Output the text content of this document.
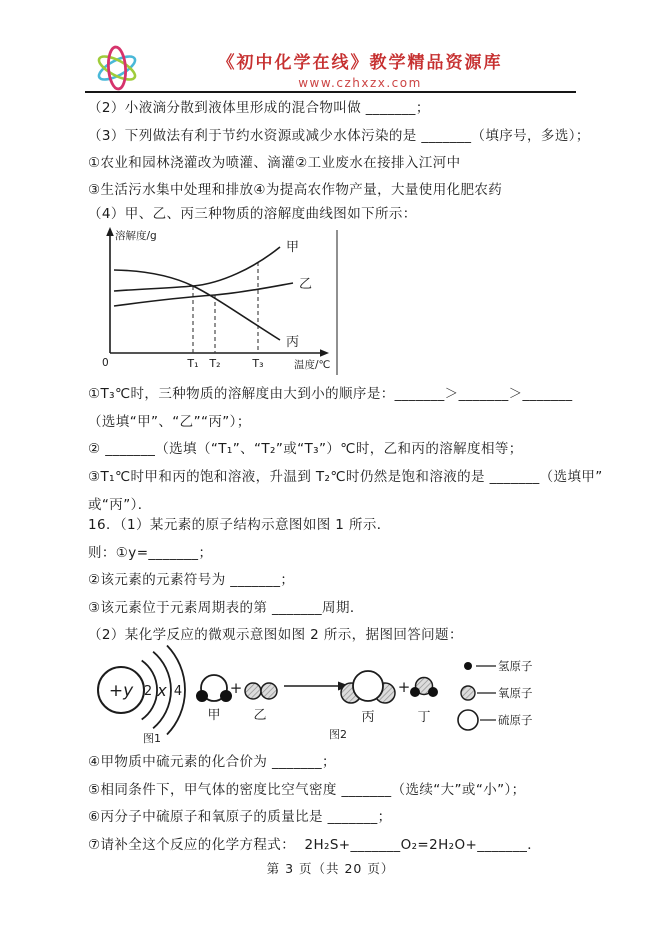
《初中化学在线》教学精品资源库
www.czhxzx.com
（2）小液滴分散到液体里形成的混合物叫做 _______；
（3）下列做法有利于节约水资源或减少水体污染的是 _______（填序号，多选）；
①农业和园林浇灌改为喷灌、滴灌②工业废水在接排入江河中
③生活污水集中处理和排放④为提高农作物产量，大量使用化肥农药
（4）甲、乙、丙三种物质的溶解度曲线图如下所示：
溶解度/g
温度/℃
0
甲
乙
丙
T₁ T₂	T₃
①T₃℃时，三种物质的溶解度由大到小的顺序是：_______＞_______＞_______
（选填“甲”、“乙”“丙”）；
② _______（选填（“T₁”、“T₂”或“T₃”）℃时，乙和丙的溶解度相等；
③T₁℃时甲和丙的饱和溶液，升温到 T₂℃时仍然是饱和溶液的是 _______（选填甲”
或“丙”）．
16．（1）某元素的原子结构示意图如图 1 所示．
则：①y=_______；
②该元素的元素符号为 _______；
③该元素位于元素周期表的第 _______周期．
（2）某化学反应的微观示意图如图 2 所示，据图回答问题：
+y 2 x 4
图1
+	+
甲	乙	丙	丁
图2
氢原子
氧原子
硫原子
④甲物质中硫元素的化合价为 _______；
⑤相同条件下，甲气体的密度比空气密度 _______（选续“大”或“小”）；
⑥丙分子中硫原子和氧原子的质量比是 _______；
⑦请补全这个反应的化学方程式：  2H₂S+_______O₂=2H₂O+_______．
第 3 页（共 20 页）
